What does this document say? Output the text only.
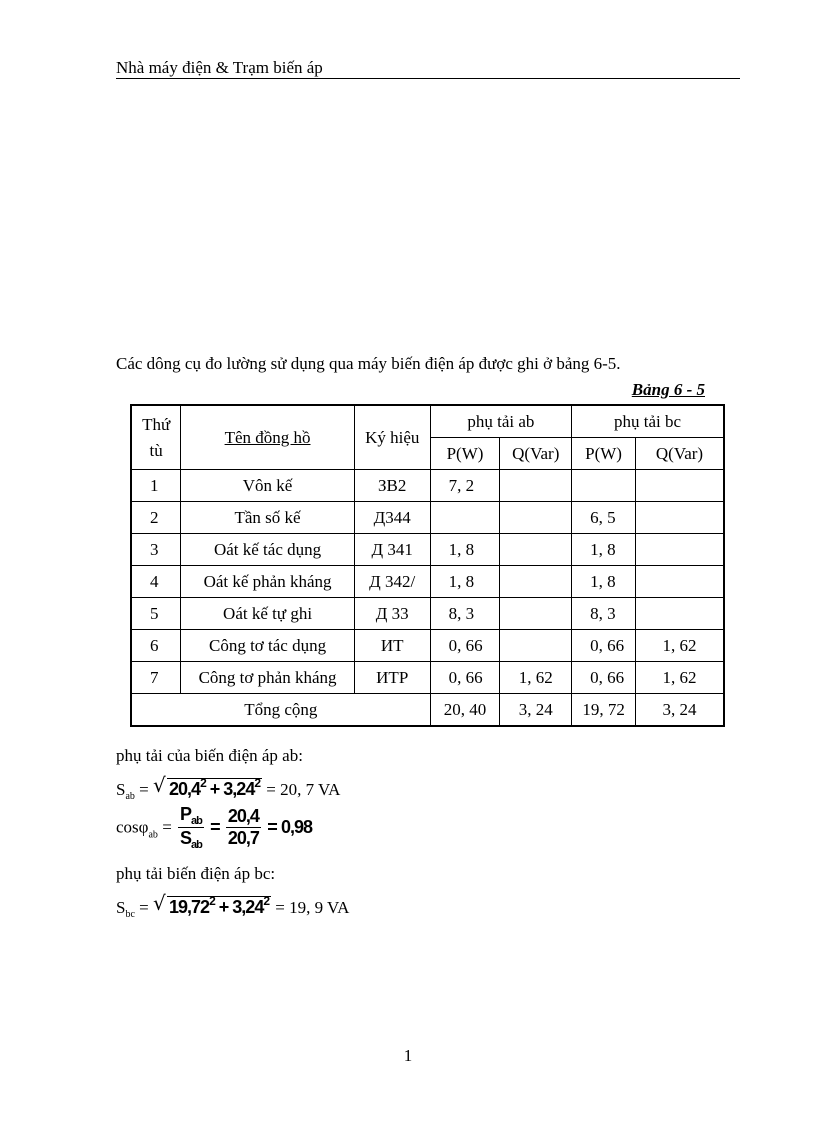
Nhà máy điện & Trạm biến áp
Các dông cụ đo lường sử dụng qua máy biến điện áp được ghi ở bảng 6-5.
Bảng 6 - 5
Thứ tù	Tên đồng hồ	Ký hiệu	phụ tải ab		phụ tải bc	
			P(W)	Q(Var)	P(W)	Q(Var)
1	Vôn kế	ЗВ2	7, 2			
2	Tần số kế	Д344			6, 5	
3	Oát kế tác dụng	Д 341	1, 8		1, 8	
4	Oát kế phản kháng	Д 342/	1, 8		1, 8	
5	Oát kế tự ghi	Д 33	8, 3		8, 3	
6	Công tơ tác dụng	ИТ	0, 66		0, 66	1, 62
7	Công tơ phản kháng	ИТР	0, 66	1, 62	0, 66	1, 62
Tổng cộng			20, 40	3, 24	19, 72	3, 24
phụ tải của biến điện áp ab:
$S_{ab}$ = √ $20,4^2 + 3,24^2 = 20$, 7 VA
$\cos\varphi_{ab} = \frac{P_{ab}}{S_{ab}} = \frac{20,4}{20,7} = 0,98$
phụ tải biến điện áp bc:
$S_{bc}$ = √ $19,72^2 + 3,24^2 = 19$, 9 VA
1
